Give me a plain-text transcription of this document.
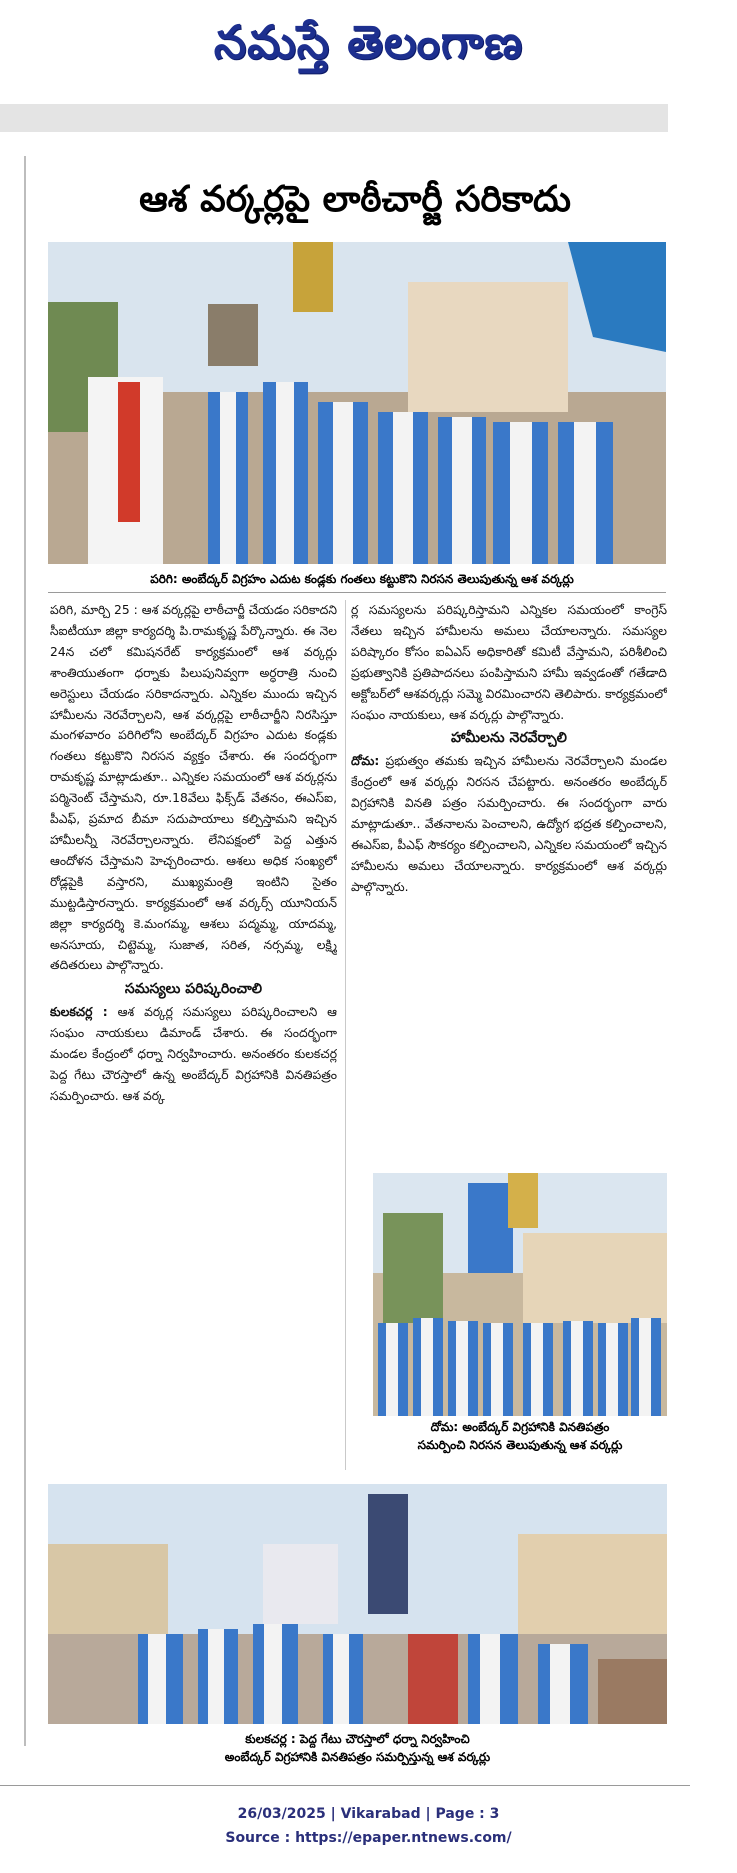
నమస్తే తెలంగాణ
ఆశ వర్కర్లపై లాఠీచార్జీ సరికాదు
పరిగి: అంబేద్కర్ విగ్రహం ఎదుట కండ్లకు గంతలు కట్టుకొని నిరసన తెలుపుతున్న ఆశ వర్కర్లు

పరిగి, మార్చి 25 : ఆశ వర్కర్లపై లాఠీచార్జీ చేయడం సరికాదని సీఐటీయూ జిల్లా కార్యదర్శి పి.రామకృష్ణ పేర్కొన్నారు. ఈ నెల 24న చలో కమిషనరేట్ కార్యక్రమంలో ఆశ వర్కర్లు శాంతియుతంగా ధర్నాకు పిలుపునివ్వగా అర్ధరాత్రి నుంచి అరెస్టులు చేయడం సరికాదన్నారు. ఎన్నికల ముందు ఇచ్చిన హామీలను నెరవేర్చాలని, ఆశ వర్కర్లపై లాఠీచార్జీని నిరసిస్తూ మంగళవారం పరిగిలోని అంబేద్కర్ విగ్రహం ఎదుట కండ్లకు గంతలు కట్టుకొని నిరసన వ్యక్తం చేశారు. ఈ సందర్భంగా రామకృష్ణ మాట్లాడుతూ.. ఎన్నికల సమయంలో ఆశ వర్కర్లను పర్మినెంట్ చేస్తామని, రూ.18వేలు ఫిక్స్‌డ్ వేతనం, ఈఎస్ఐ, పీఎఫ్, ప్రమాద బీమా సదుపాయాలు కల్పిస్తామని ఇచ్చిన హామీలన్నీ నెరవేర్చాలన్నారు. లేనిపక్షంలో పెద్ద ఎత్తున ఆందోళన చేస్తామని హెచ్చరించారు. ఆశలు అధిక సంఖ్యలో రోడ్లపైకి వస్తారని, ముఖ్యమంత్రి ఇంటిని సైతం ముట్టడిస్తారన్నారు. కార్యక్రమంలో ఆశ వర్కర్స్ యూనియన్ జిల్లా కార్యదర్శి కె.మంగమ్మ, ఆశలు పద్మమ్మ, యాదమ్మ, అనసూయ, చిట్టెమ్మ, సుజాత, సరిత, నర్సమ్మ, లక్ష్మి తదితరులు పాల్గొన్నారు.

సమస్యలు పరిష్కరించాలి

కులకచర్ల : ఆశ వర్కర్ల సమస్యలు పరిష్కరించాలని ఆ సంఘం నాయకులు డిమాండ్ చేశారు. ఈ సందర్భంగా మండల కేంద్రంలో ధర్నా నిర్వహించారు. అనంతరం కులకచర్ల పెద్ద గేటు చౌరస్తాలో ఉన్న అంబేద్కర్ విగ్రహానికి వినతిపత్రం సమర్పించారు. ఆశ వర్క

ర్ల సమస్యలను పరిష్కరిస్తామని ఎన్నికల సమయంలో కాంగ్రెస్ నేతలు ఇచ్చిన హామీలను అమలు చేయాలన్నారు. సమస్యల పరిష్కారం కోసం ఐఏఎస్ అధికారితో కమిటీ వేస్తామని, పరిశీలించి ప్రభుత్వానికి ప్రతిపాదనలు పంపిస్తామని హామీ ఇవ్వడంతో గతేడాది అక్టోబర్‌లో ఆశవర్కర్లు సమ్మె విరమించారని తెలిపారు. కార్యక్రమంలో సంఘం నాయకులు, ఆశ వర్కర్లు పాల్గొన్నారు.

హామీలను నెరవేర్చాలి

దోమ: ప్రభుత్వం తమకు ఇచ్చిన హామీలను నెరవేర్చాలని మండల కేంద్రంలో ఆశ వర్కర్లు నిరసన చేపట్టారు. అనంతరం అంబేద్కర్ విగ్రహానికి వినతి పత్రం సమర్పించారు. ఈ సందర్భంగా వారు మాట్లాడుతూ.. వేతనాలను పెంచాలని, ఉద్యోగ భద్రత కల్పించాలని, ఈఎస్ఐ, పీఎఫ్ సౌకర్యం కల్పించాలని, ఎన్నికల సమయంలో ఇచ్చిన హామీలను అమలు చేయాలన్నారు. కార్యక్రమంలో ఆశ వర్కర్లు పాల్గొన్నారు.

దోమ: అంబేద్కర్ విగ్రహానికి వినతిపత్రం
సమర్పించి నిరసన తెలుపుతున్న ఆశ వర్కర్లు
కులకచర్ల : పెద్ద గేటు చౌరస్తాలో ధర్నా నిర్వహించి
అంబేద్కర్ విగ్రహానికి వినతిపత్రం సమర్పిస్తున్న ఆశ వర్కర్లు
26/03/2025 | Vikarabad | Page : 3
Source : https://epaper.ntnews.com/
